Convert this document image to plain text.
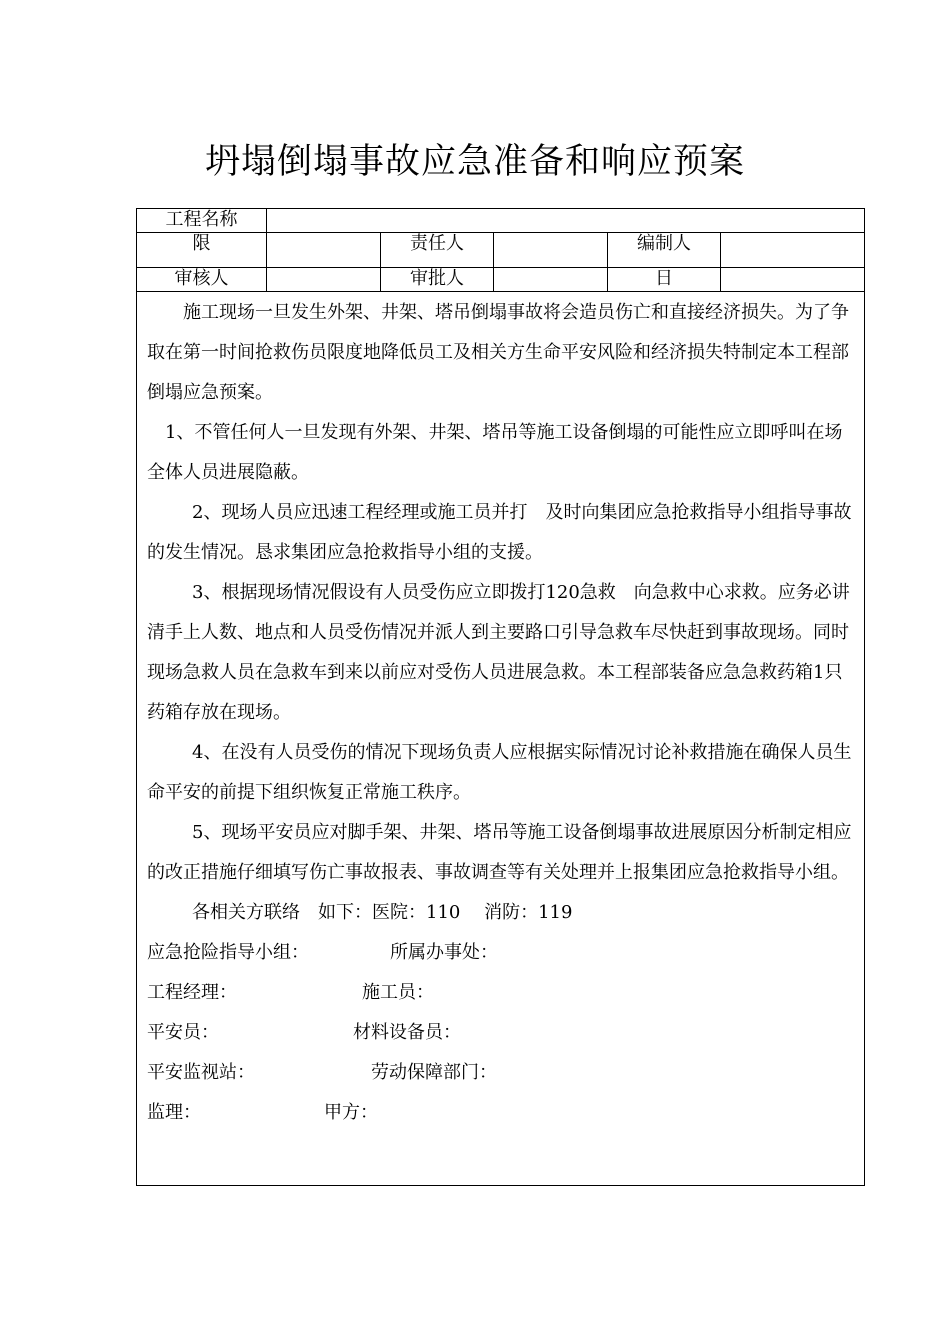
坍塌倒塌事故应急准备和响应预案
工程名称
限	责任人	编制人
审核人	审批人	日

施工现场一旦发生外架、井架、塔吊倒塌事故将会造员伤亡和直接经济损失。为了争取在第一时间抢救伤员限度地降低员工及相关方生命平安风险和经济损失特制定本工程部倒塌应急预案。

1、不管任何人一旦发现有外架、井架、塔吊等施工设备倒塌的可能性应立即呼叫在场全体人员进展隐蔽。

2、现场人员应迅速工程经理或施工员并打　及时向集团应急抢救指导小组指导事故的发生情况。恳求集团应急抢救指导小组的支援。

3、根据现场情况假设有人员受伤应立即拨打120急救　向急救中心求救。应务必讲清手上人数、地点和人员受伤情况并派人到主要路口引导急救车尽快赶到事故现场。同时现场急救人员在急救车到来以前应对受伤人员进展急救。本工程部装备应急急救药箱1只药箱存放在现场。

4、在没有人员受伤的情况下现场负责人应根据实际情况讨论补救措施在确保人员生命平安的前提下组织恢复正常施工秩序。

5、现场平安员应对脚手架、井架、塔吊等施工设备倒塌事故进展原因分析制定相应的改正措施仔细填写伤亡事故报表、事故调查等有关处理并上报集团应急抢救指导小组。

各相关方联络　如下：医院：110　 消防：119

应急抢险指导小组：	所属办事处：
工程经理：	施工员：
平安员：	材料设备员：
平安监视站：	劳动保障部门：
监理：	甲方：
